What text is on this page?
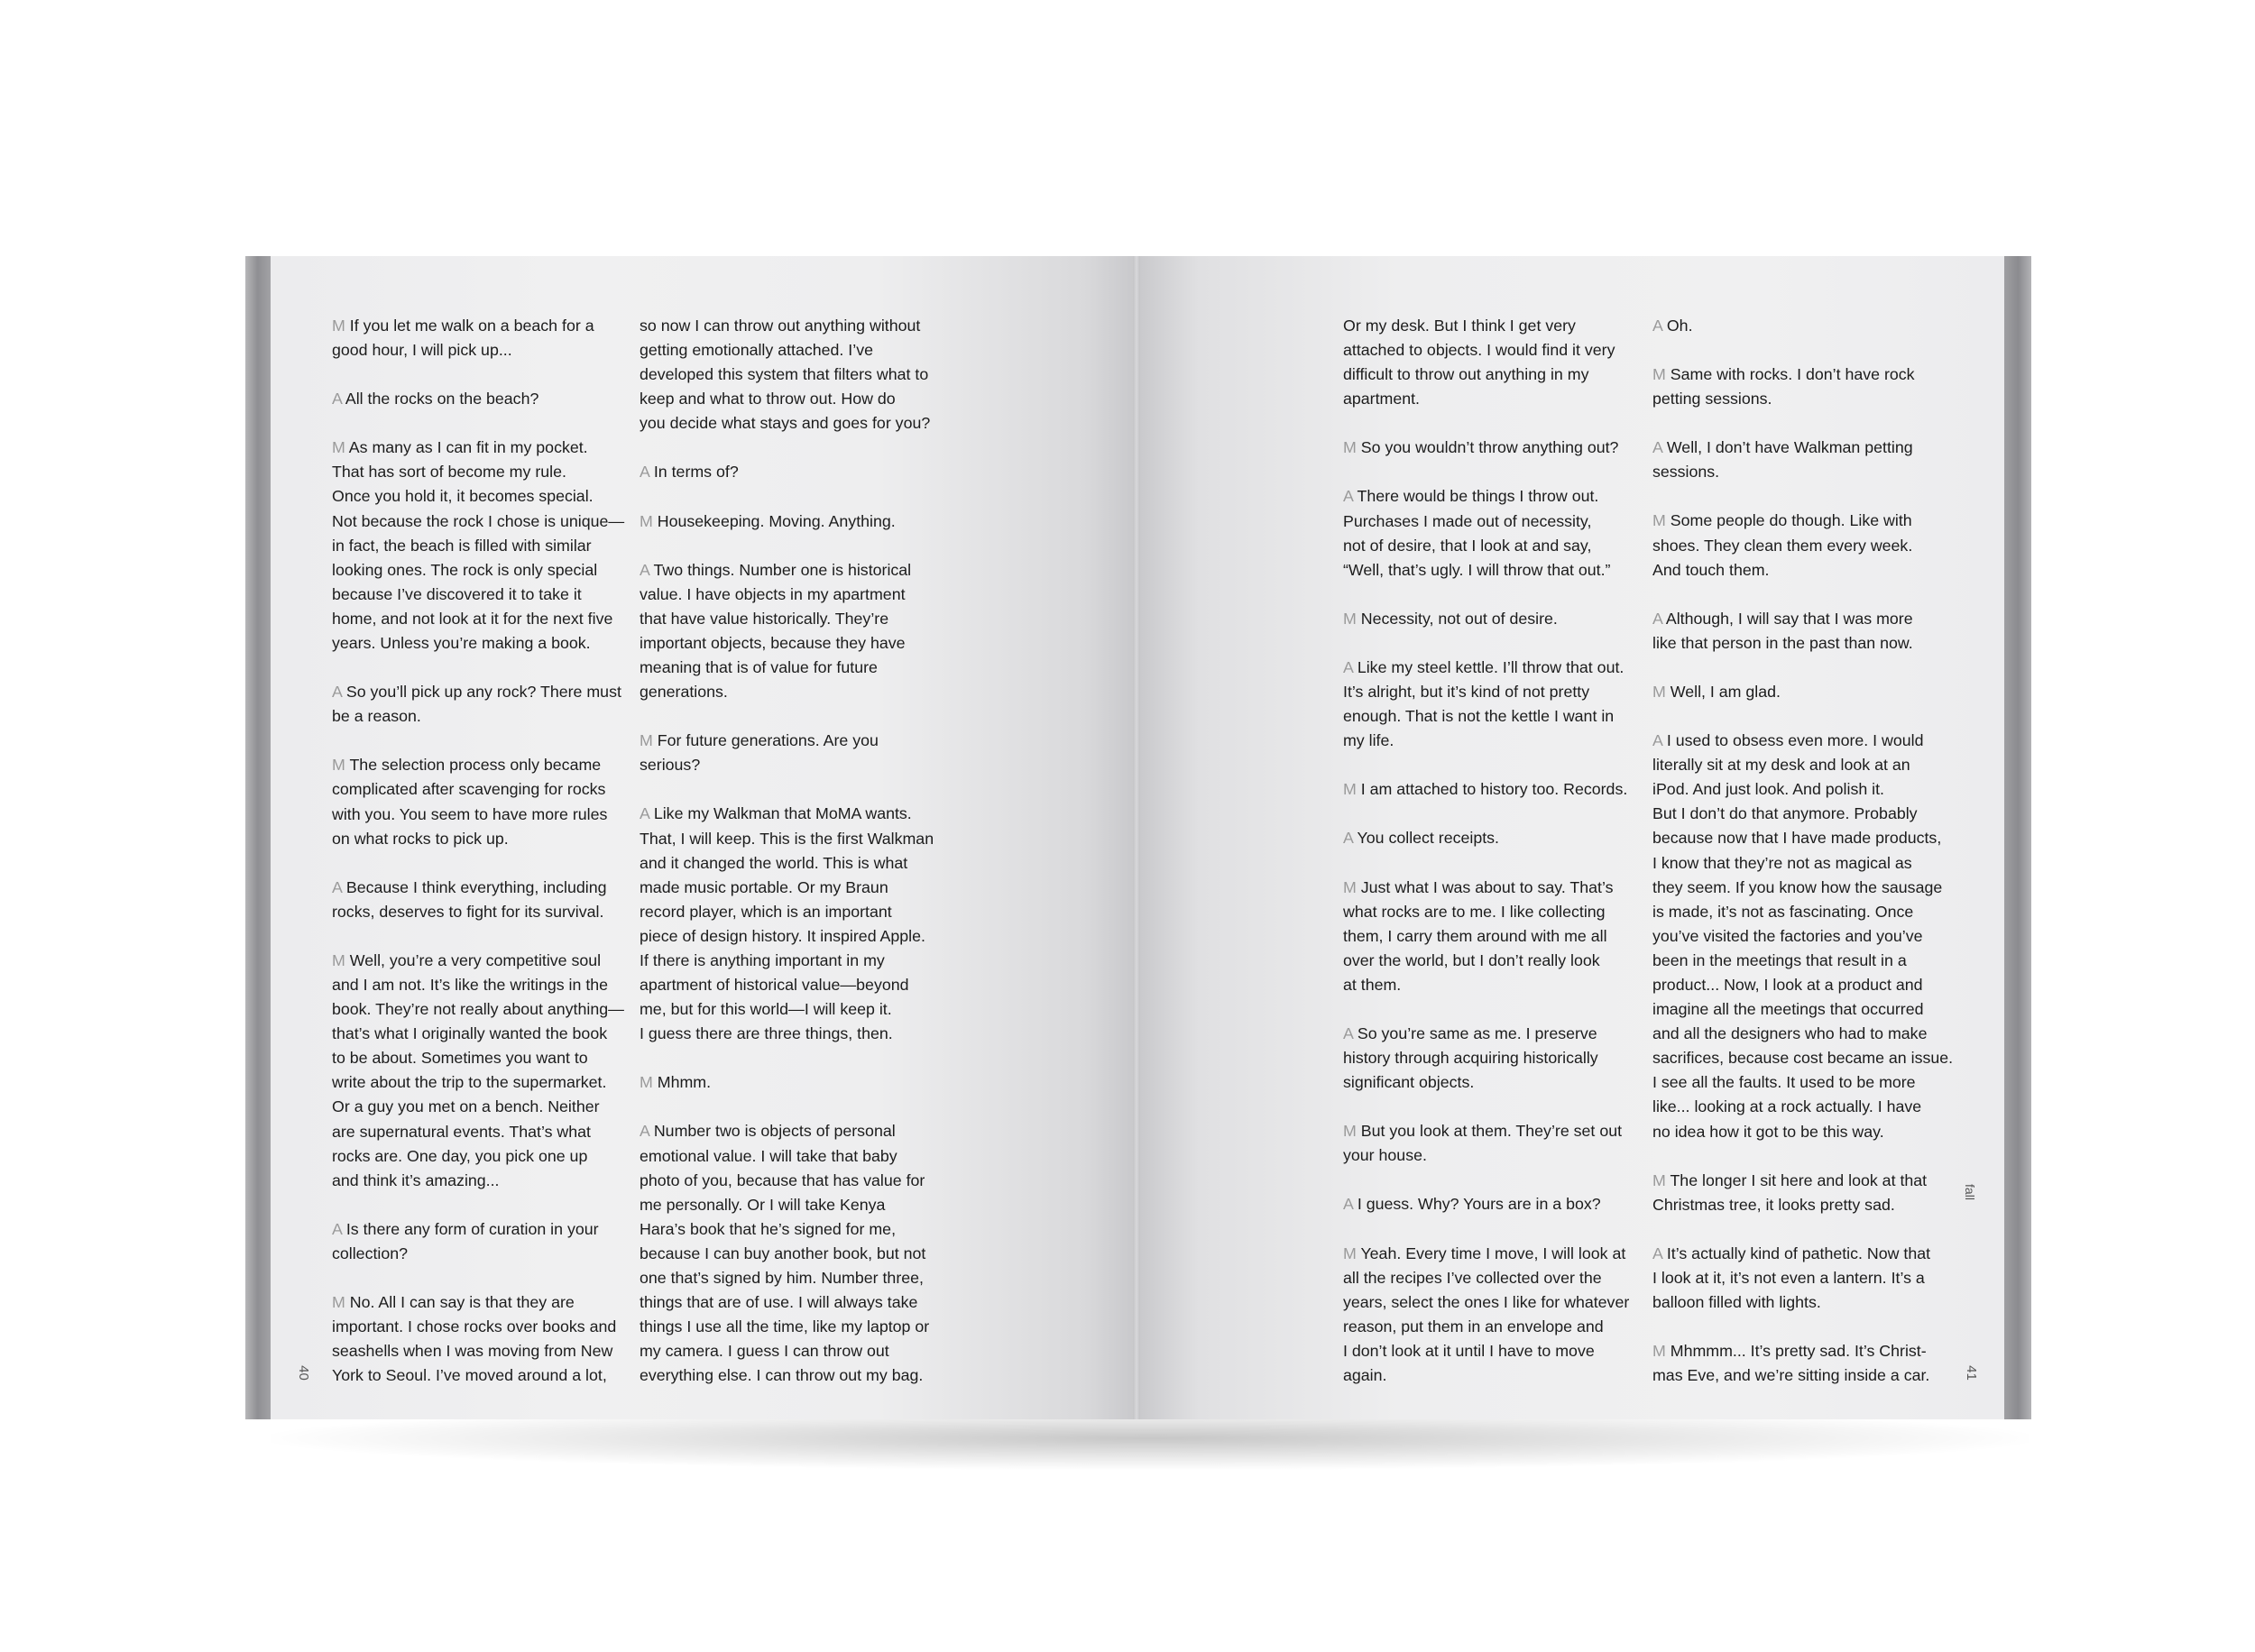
M If you let me walk on a beach for a
good hour, I will pick up...

A All the rocks on the beach?

M As many as I can fit in my pocket.
That has sort of become my rule.
Once you hold it, it becomes special.
Not because the rock I chose is unique—
in fact, the beach is filled with similar
looking ones. The rock is only special
because I’ve discovered it to take it
home, and not look at it for the next five
years. Unless you’re making a book.

A So you’ll pick up any rock? There must
be a reason.

M The selection process only became
complicated after scavenging for rocks
with you. You seem to have more rules
on what rocks to pick up.

A Because I think everything, including
rocks, deserves to fight for its survival.

M Well, you’re a very competitive soul
and I am not. It’s like the writings in the
book. They’re not really about anything—
that’s what I originally wanted the book
to be about. Sometimes you want to
write about the trip to the supermarket.
Or a guy you met on a bench. Neither
are supernatural events. That’s what
rocks are. One day, you pick one up
and think it’s amazing...

A Is there any form of curation in your
collection?

M No. All I can say is that they are
important. I chose rocks over books and
seashells when I was moving from New
York to Seoul. I’ve moved around a lot,

so now I can throw out anything without
getting emotionally attached. I’ve
developed this system that filters what to
keep and what to throw out. How do
you decide what stays and goes for you?

A In terms of?

M Housekeeping. Moving. Anything.

A Two things. Number one is historical
value. I have objects in my apartment
that have value historically. They’re
important objects, because they have
meaning that is of value for future
generations.

M For future generations. Are you
serious?

A Like my Walkman that MoMA wants.
That, I will keep. This is the first Walkman
and it changed the world. This is what
made music portable. Or my Braun
record player, which is an important
piece of design history. It inspired Apple.
If there is anything important in my
apartment of historical value—beyond
me, but for this world—I will keep it.
I guess there are three things, then.

M Mhmm.

A Number two is objects of personal
emotional value. I will take that baby
photo of you, because that has value for
me personally. Or I will take Kenya
Hara’s book that he’s signed for me,
because I can buy another book, but not
one that’s signed by him. Number three,
things that are of use. I will always take
things I use all the time, like my laptop or
my camera. I guess I can throw out
everything else. I can throw out my bag.

40

Or my desk. But I think I get very
attached to objects. I would find it very
difficult to throw out anything in my
apartment.

M So you wouldn’t throw anything out?

A There would be things I throw out.
Purchases I made out of necessity,
not of desire, that I look at and say,
“Well, that’s ugly. I will throw that out.”

M Necessity, not out of desire.

A Like my steel kettle. I’ll throw that out.
It’s alright, but it’s kind of not pretty
enough. That is not the kettle I want in
my life.

M I am attached to history too. Records.

A You collect receipts.

M Just what I was about to say. That’s
what rocks are to me. I like collecting
them, I carry them around with me all
over the world, but I don’t really look
at them.

A So you’re same as me. I preserve
history through acquiring historically
significant objects.

M But you look at them. They’re set out
your house.

A I guess. Why? Yours are in a box?

M Yeah. Every time I move, I will look at
all the recipes I’ve collected over the
years, select the ones I like for whatever
reason, put them in an envelope and
I don’t look at it until I have to move
again.

A Oh.

M Same with rocks. I don’t have rock
petting sessions.

A Well, I don’t have Walkman petting
sessions.

M Some people do though. Like with
shoes. They clean them every week.
And touch them.

A Although, I will say that I was more
like that person in the past than now.

M Well, I am glad.

A I used to obsess even more. I would
literally sit at my desk and look at an
iPod. And just look. And polish it.
But I don’t do that anymore. Probably
because now that I have made products,
I know that they’re not as magical as
they seem. If you know how the sausage
is made, it’s not as fascinating. Once
you’ve visited the factories and you’ve
been in the meetings that result in a
product... Now, I look at a product and
imagine all the meetings that occurred
and all the designers who had to make
sacrifices, because cost became an issue.
I see all the faults. It used to be more
like... looking at a rock actually. I have
no idea how it got to be this way.

M The longer I sit here and look at that
Christmas tree, it looks pretty sad.

A It’s actually kind of pathetic. Now that
I look at it, it’s not even a lantern. It’s a
balloon filled with lights.

M Mhmmm... It’s pretty sad. It’s Christ-
mas Eve, and we’re sitting inside a car.

fall
41
